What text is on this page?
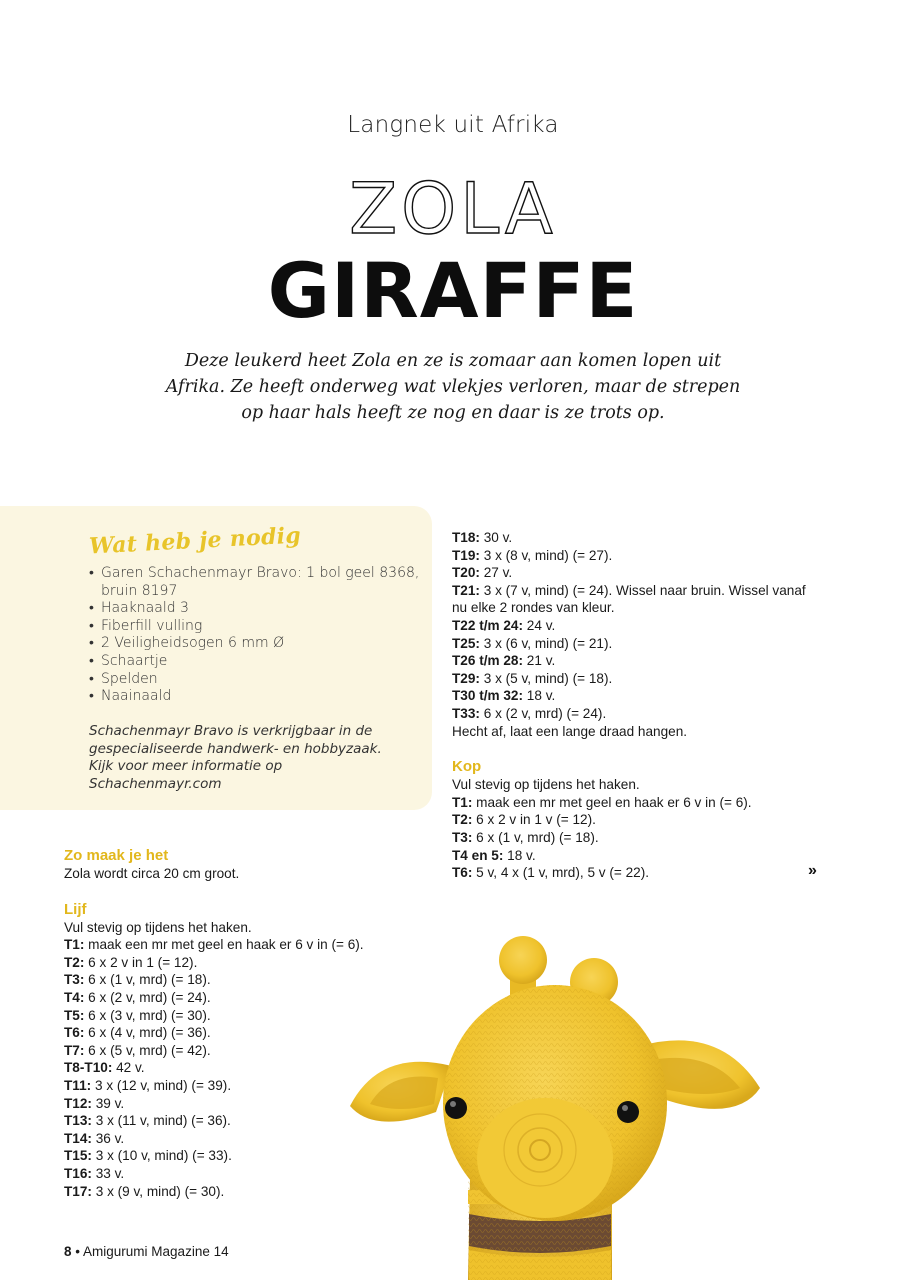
Langnek uit Afrika
ZOLA
GIRAFFE

Deze leukerd heet Zola en ze is zomaar aan komen lopen uit Afrika. Ze heeft onderweg wat vlekjes verloren, maar de strepen op haar hals heeft ze nog en daar is ze trots op.

Wat heb je nodig
• Garen Schachenmayr Bravo: 1 bol geel 8368, bruin 8197
• Haaknaald 3
• Fiberfill vulling
• 2 Veiligheidsogen 6 mm Ø
• Schaartje
• Spelden
• Naainaald

Schachenmayr Bravo is verkrijgbaar in de gespecialiseerde handwerk- en hobbyzaak. Kijk voor meer informatie op Schachenmayr.com

Zo maak je het
Zola wordt circa 20 cm groot.
Lijf
Vul stevig op tijdens het haken.
T1: maak een mr met geel en haak er 6 v in (= 6).
T2: 6 x 2 v in 1 (= 12).
T3: 6 x (1 v, mrd) (= 18).
T4: 6 x (2 v, mrd) (= 24).
T5: 6 x (3 v, mrd) (= 30).
T6: 6 x (4 v, mrd) (= 36).
T7: 6 x (5 v, mrd) (= 42).
T8-T10: 42 v.
T11: 3 x (12 v, mind) (= 39).
T12: 39 v.
T13: 3 x (11 v, mind) (= 36).
T14: 36 v.
T15: 3 x (10 v, mind) (= 33).
T16: 33 v.
T17: 3 x (9 v, mind) (= 30).
T18: 30 v.
T19: 3 x (8 v, mind) (= 27).
T20: 27 v.
T21: 3 x (7 v, mind) (= 24). Wissel naar bruin. Wissel vanaf nu elke 2 rondes van kleur.
T22 t/m 24: 24 v.
T25: 3 x (6 v, mind) (= 21).
T26 t/m 28: 21 v.
T29: 3 x (5 v, mind) (= 18).
T30 t/m 32: 18 v.
T33: 6 x (2 v, mrd) (= 24).
Hecht af, laat een lange draad hangen.
Kop
Vul stevig op tijdens het haken.
T1: maak een mr met geel en haak er 6 v in (= 6).
T2: 6 x 2 v in 1 v (= 12).
T3: 6 x (1 v, mrd) (= 18).
T4 en 5: 18 v.
T6: 5 v, 4 x (1 v, mrd), 5 v (= 22).	»
8 • Amigurumi Magazine 14
